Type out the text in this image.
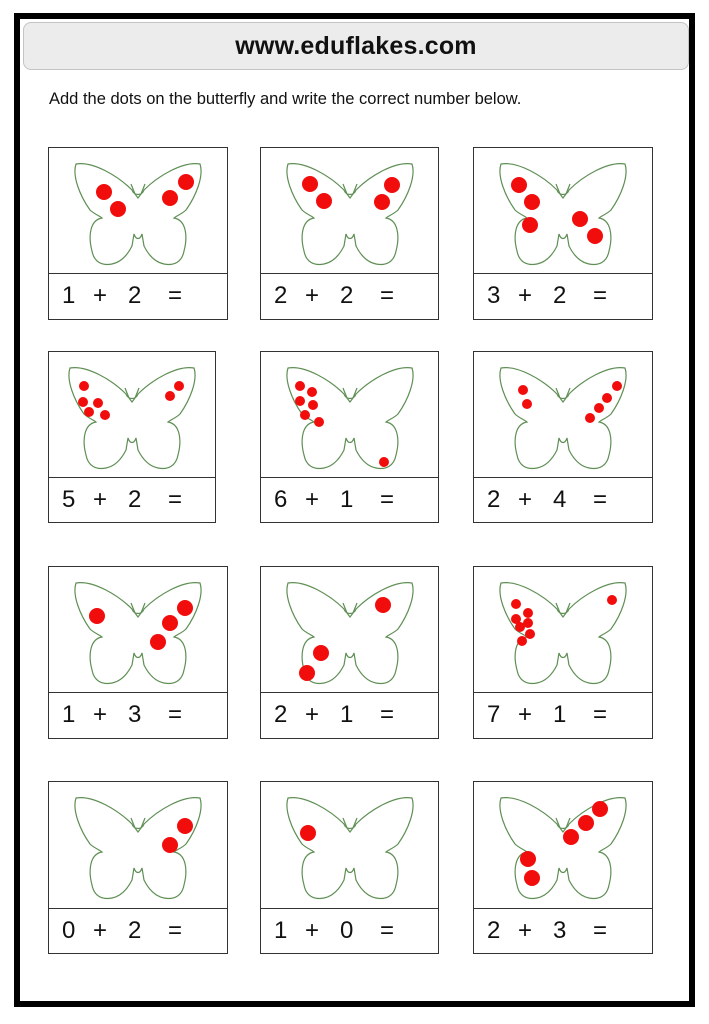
www.eduflakes.com
Add the dots on the butterfly and write the correct number below.
1 + 2	=	2 + 2	=	3 + 2	=
5 + 2	=	6 + 1	=	2 + 4	=
1 + 3	=	2 + 1	=	7 + 1	=
0 + 2	=	1 + 0	=	2 + 3	=
